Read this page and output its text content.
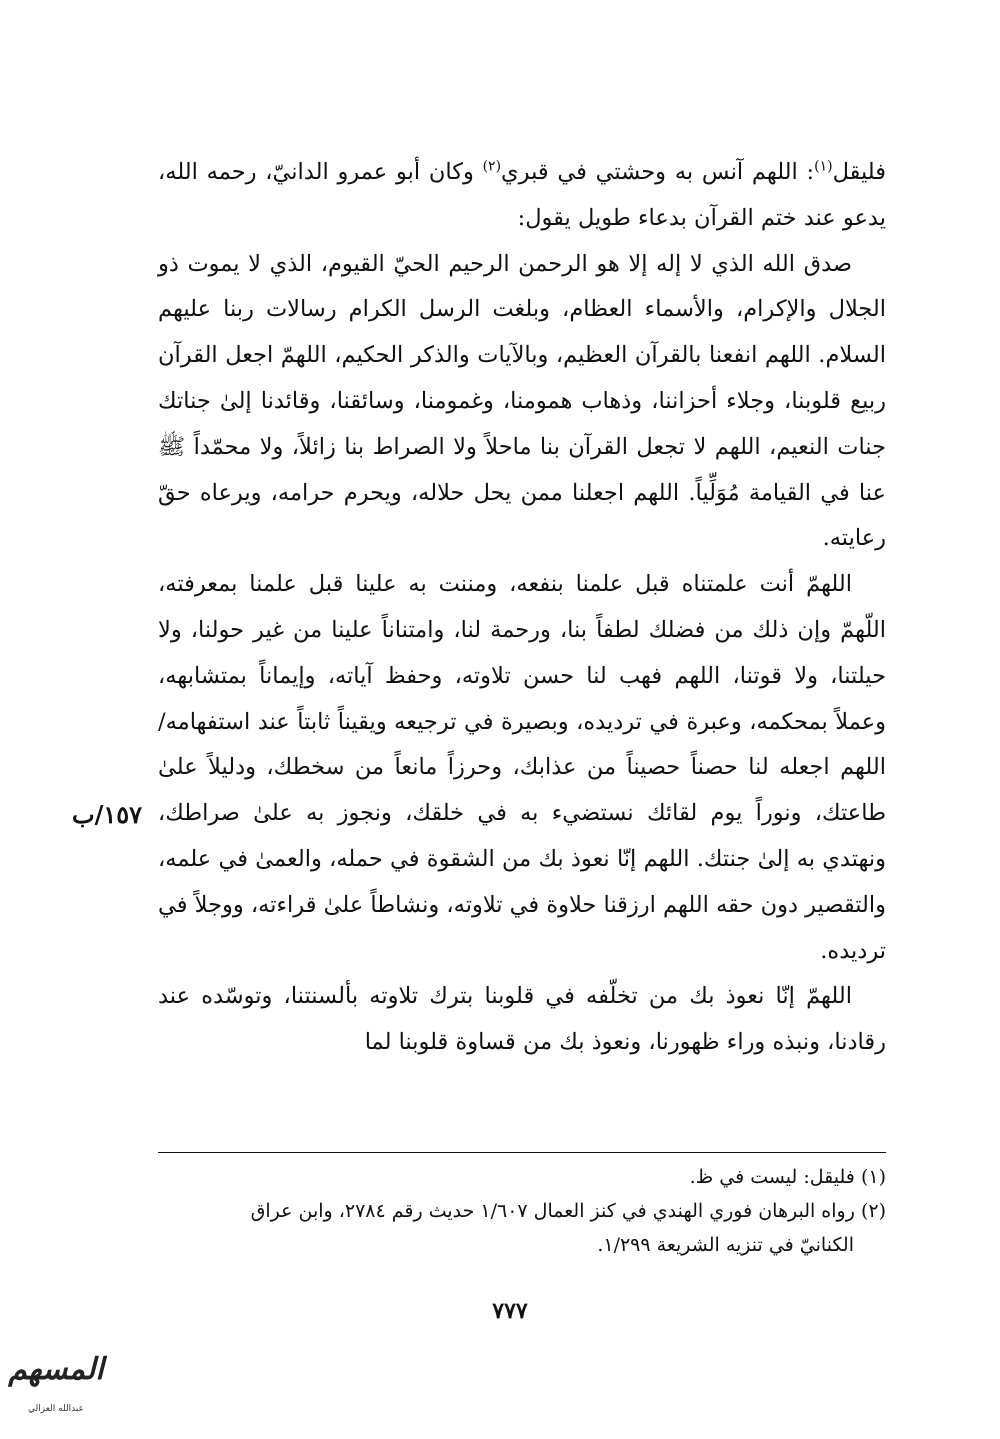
فليقل$^{(١)}$: اللهم آنس به وحشتي في قبري$^{(٢)}$ وكان أبو عمرو الدانيّ، رحمه الله، يدعو عند ختم القرآن بدعاء طويل يقول:

صدق الله الذي لا إله إلا هو الرحمن الرحيم الحيّ القيوم، الذي لا يموت ذو الجلال والإكرام، والأسماء العظام، وبلغت الرسل الكرام رسالات ربنا عليهم السلام. اللهم انفعنا بالقرآن العظيم، وبالآيات والذكر الحكيم، اللهمّ اجعل القرآن ربيع قلوبنا، وجلاء أحزاننا، وذهاب همومنا، وغمومنا، وسائقنا، وقائدنا إلىٰ جناتك جنات النعيم، اللهم لا تجعل القرآن بنا ماحلاً ولا الصراط بنا زائلاً، ولا محمّداً ﷺ عنا في القيامة مُوَلِّياً. اللهم اجعلنا ممن يحل حلاله، ويحرم حرامه، ويرعاه حقّ رعايته.

اللهمّ أنت علمتناه قبل علمنا بنفعه، ومننت به علينا قبل علمنا بمعرفته، اللّهمّ وإن ذلك من فضلك لطفاً بنا، ورحمة لنا، وامتناناً علينا من غير حولنا، ولا حيلتنا، ولا قوتنا، اللهم فهب لنا حسن تلاوته، وحفظ آياته، وإيماناً بمتشابهه، وعملاً بمحكمه، وعبرة في ترديده، وبصيرة في ترجيعه ويقيناً ثابتاً عند استفهامه/اللهم اجعله لنا حصناً حصيناً من عذابك، وحرزاً مانعاً من سخطك، ودليلاً علىٰ طاعتك، ونوراً يوم لقائك نستضيء به في خلقك، ونجوز به علىٰ صراطك، ونهتدي به إلىٰ جنتك. اللهم إنّا نعوذ بك من الشقوة في حمله، والعمىٰ في علمه، والتقصير دون حقه اللهم ارزقنا حلاوة في تلاوته، ونشاطاً علىٰ قراءته، ووجلاً في ترديده.

اللهمّ إنّا نعوذ بك من تخلّفه في قلوبنا بترك تلاوته بألسنتنا، وتوسّده عند رقادنا، ونبذه وراء ظهورنا، ونعوذ بك من قساوة قلوبنا لما

١٥٧/ب

(١) فليقل: ليست في ظ.

(٢) رواه البرهان فوري الهندي في كنز العمال ١/٦٠٧ حديث رقم ٢٧٨٤، وابن عراق

الكنانيّ في تنزيه الشريعة ١/٢٩٩.

٧٧٧
المسهم
عبدالله العزالي
